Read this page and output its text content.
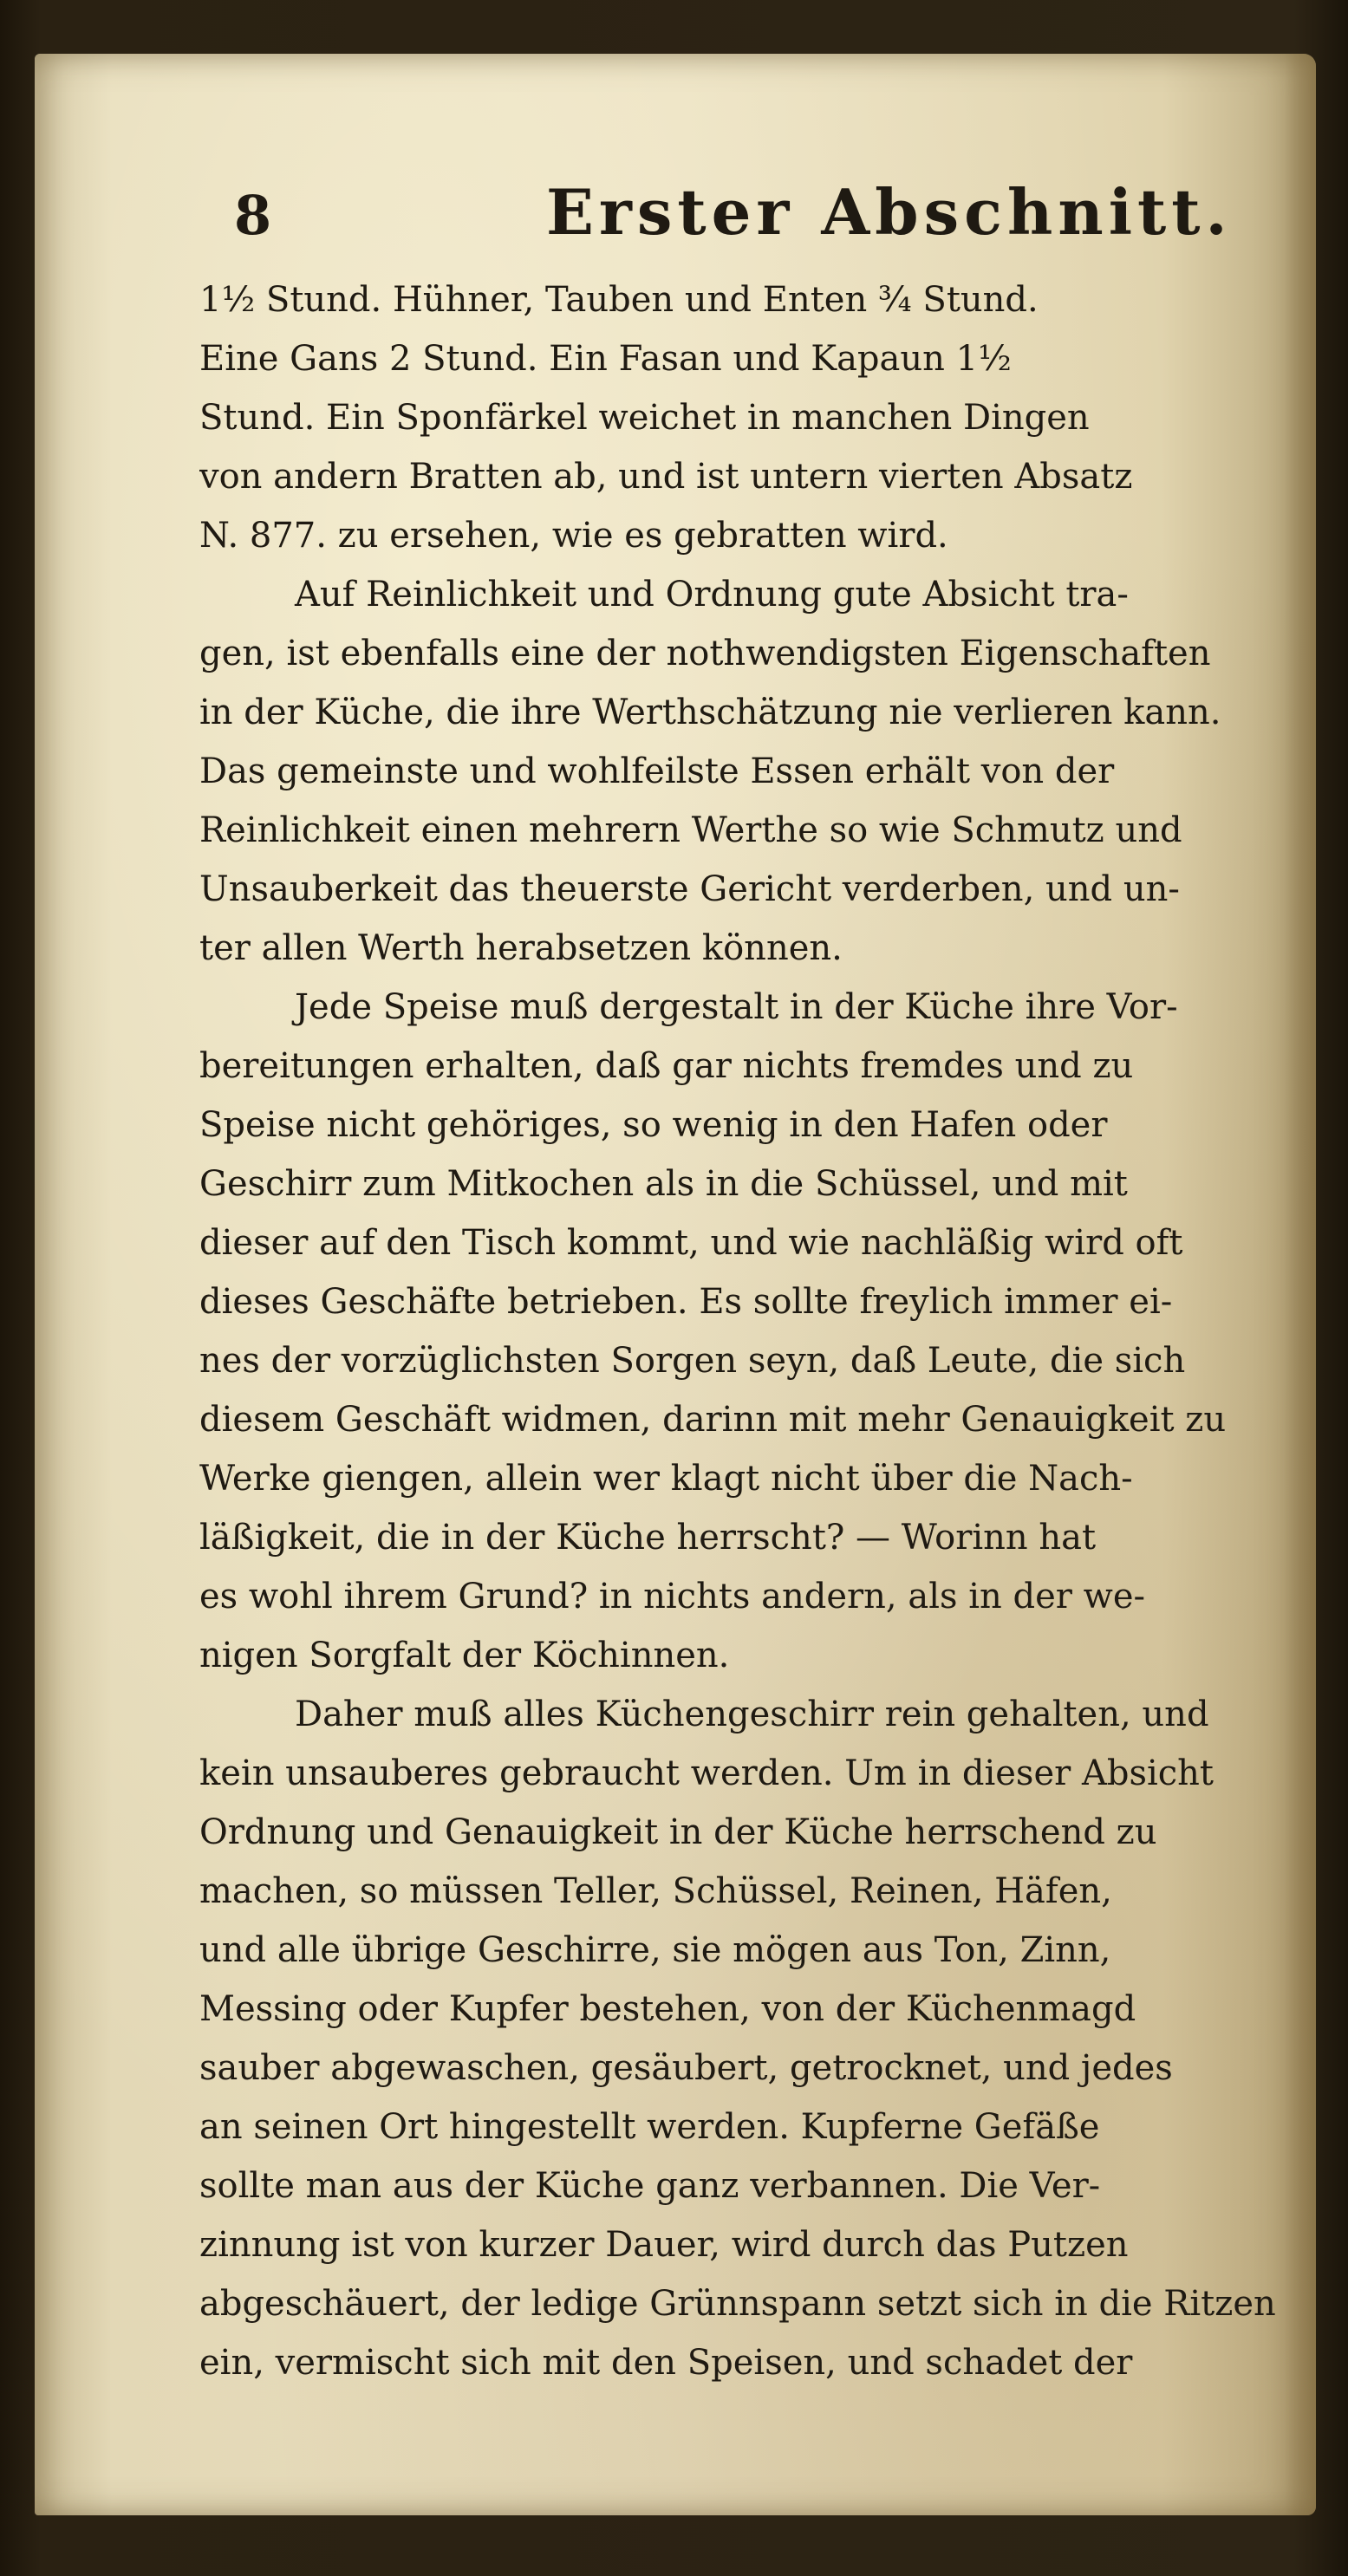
8	Erster Abschnitt.
1½ Stund. Hühner, Tauben und Enten ¾ Stund.
Eine Gans 2 Stund. Ein Fasan und Kapaun 1½
Stund. Ein Sponfärkel weichet in manchen Dingen
von andern Bratten ab, und ist untern vierten Absatz
N. 877. zu ersehen, wie es gebratten wird.
Auf Reinlichkeit und Ordnung gute Absicht tra-
gen, ist ebenfalls eine der nothwendigsten Eigenschaften
in der Küche, die ihre Werthschätzung nie verlieren kann.
Das gemeinste und wohlfeilste Essen erhält von der
Reinlichkeit einen mehrern Werthe so wie Schmutz und
Unsauberkeit das theuerste Gericht verderben, und un-
ter allen Werth herabsetzen können.
Jede Speise muß dergestalt in der Küche ihre Vor-
bereitungen erhalten, daß gar nichts fremdes und zu
Speise nicht gehöriges, so wenig in den Hafen oder
Geschirr zum Mitkochen als in die Schüssel, und mit
dieser auf den Tisch kommt, und wie nachläßig wird oft
dieses Geschäfte betrieben. Es sollte freylich immer ei-
nes der vorzüglichsten Sorgen seyn, daß Leute, die sich
diesem Geschäft widmen, darinn mit mehr Genauigkeit zu
Werke giengen, allein wer klagt nicht über die Nach-
läßigkeit, die in der Küche herrscht? — Worinn hat
es wohl ihrem Grund? in nichts andern, als in der we-
nigen Sorgfalt der Köchinnen.
Daher muß alles Küchengeschirr rein gehalten, und
kein unsauberes gebraucht werden. Um in dieser Absicht
Ordnung und Genauigkeit in der Küche herrschend zu
machen, so müssen Teller, Schüssel, Reinen, Häfen,
und alle übrige Geschirre, sie mögen aus Ton, Zinn,
Messing oder Kupfer bestehen, von der Küchenmagd
sauber abgewaschen, gesäubert, getrocknet, und jedes
an seinen Ort hingestellt werden. Kupferne Gefäße
sollte man aus der Küche ganz verbannen. Die Ver-
zinnung ist von kurzer Dauer, wird durch das Putzen
abgeschäuert, der ledige Grünnspann setzt sich in die Ritzen
ein, vermischt sich mit den Speisen, und schadet der
